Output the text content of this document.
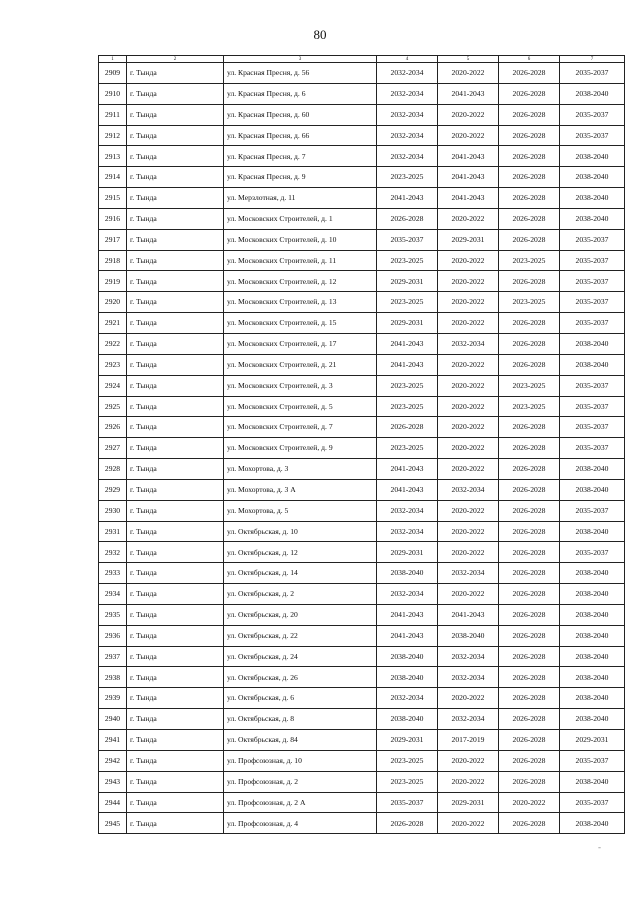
80
1	2	3	4	5	6	7
2909	г. Тында	ул. Красная Пресня, д. 56	2032-2034	2020-2022	2026-2028	2035-2037
2910	г. Тында	ул. Красная Пресня, д. 6	2032-2034	2041-2043	2026-2028	2038-2040
2911	г. Тында	ул. Красная Пресня, д. 60	2032-2034	2020-2022	2026-2028	2035-2037
2912	г. Тында	ул. Красная Пресня, д. 66	2032-2034	2020-2022	2026-2028	2035-2037
2913	г. Тында	ул. Красная Пресня, д. 7	2032-2034	2041-2043	2026-2028	2038-2040
2914	г. Тында	ул. Красная Пресня, д. 9	2023-2025	2041-2043	2026-2028	2038-2040
2915	г. Тында	ул. Мерзлотная, д. 11	2041-2043	2041-2043	2026-2028	2038-2040
2916	г. Тында	ул. Московских Строителей, д. 1	2026-2028	2020-2022	2026-2028	2038-2040
2917	г. Тында	ул. Московских Строителей, д. 10	2035-2037	2029-2031	2026-2028	2035-2037
2918	г. Тында	ул. Московских Строителей, д. 11	2023-2025	2020-2022	2023-2025	2035-2037
2919	г. Тында	ул. Московских Строителей, д. 12	2029-2031	2020-2022	2026-2028	2035-2037
2920	г. Тында	ул. Московских Строителей, д. 13	2023-2025	2020-2022	2023-2025	2035-2037
2921	г. Тында	ул. Московских Строителей, д. 15	2029-2031	2020-2022	2026-2028	2035-2037
2922	г. Тында	ул. Московских Строителей, д. 17	2041-2043	2032-2034	2026-2028	2038-2040
2923	г. Тында	ул. Московских Строителей, д. 21	2041-2043	2020-2022	2026-2028	2038-2040
2924	г. Тында	ул. Московских Строителей, д. 3	2023-2025	2020-2022	2023-2025	2035-2037
2925	г. Тында	ул. Московских Строителей, д. 5	2023-2025	2020-2022	2023-2025	2035-2037
2926	г. Тында	ул. Московских Строителей, д. 7	2026-2028	2020-2022	2026-2028	2035-2037
2927	г. Тында	ул. Московских Строителей, д. 9	2023-2025	2020-2022	2026-2028	2035-2037
2928	г. Тында	ул. Мохортова, д. 3	2041-2043	2020-2022	2026-2028	2038-2040
2929	г. Тында	ул. Мохортова, д. 3 А	2041-2043	2032-2034	2026-2028	2038-2040
2930	г. Тында	ул. Мохортова, д. 5	2032-2034	2020-2022	2026-2028	2035-2037
2931	г. Тында	ул. Октябрьская, д. 10	2032-2034	2020-2022	2026-2028	2038-2040
2932	г. Тында	ул. Октябрьская, д. 12	2029-2031	2020-2022	2026-2028	2035-2037
2933	г. Тында	ул. Октябрьская, д. 14	2038-2040	2032-2034	2026-2028	2038-2040
2934	г. Тында	ул. Октябрьская, д. 2	2032-2034	2020-2022	2026-2028	2038-2040
2935	г. Тында	ул. Октябрьская, д. 20	2041-2043	2041-2043	2026-2028	2038-2040
2936	г. Тында	ул. Октябрьская, д. 22	2041-2043	2038-2040	2026-2028	2038-2040
2937	г. Тында	ул. Октябрьская, д. 24	2038-2040	2032-2034	2026-2028	2038-2040
2938	г. Тында	ул. Октябрьская, д. 26	2038-2040	2032-2034	2026-2028	2038-2040
2939	г. Тында	ул. Октябрьская, д. 6	2032-2034	2020-2022	2026-2028	2038-2040
2940	г. Тында	ул. Октябрьская, д. 8	2038-2040	2032-2034	2026-2028	2038-2040
2941	г. Тында	ул. Октябрьская, д. 84	2029-2031	2017-2019	2026-2028	2029-2031
2942	г. Тында	ул. Профсоюзная, д. 10	2023-2025	2020-2022	2026-2028	2035-2037
2943	г. Тында	ул. Профсоюзная, д. 2	2023-2025	2020-2022	2026-2028	2038-2040
2944	г. Тында	ул. Профсоюзная, д. 2 А	2035-2037	2029-2031	2020-2022	2035-2037
2945	г. Тында	ул. Профсоюзная, д. 4	2026-2028	2020-2022	2026-2028	2038-2040
-
